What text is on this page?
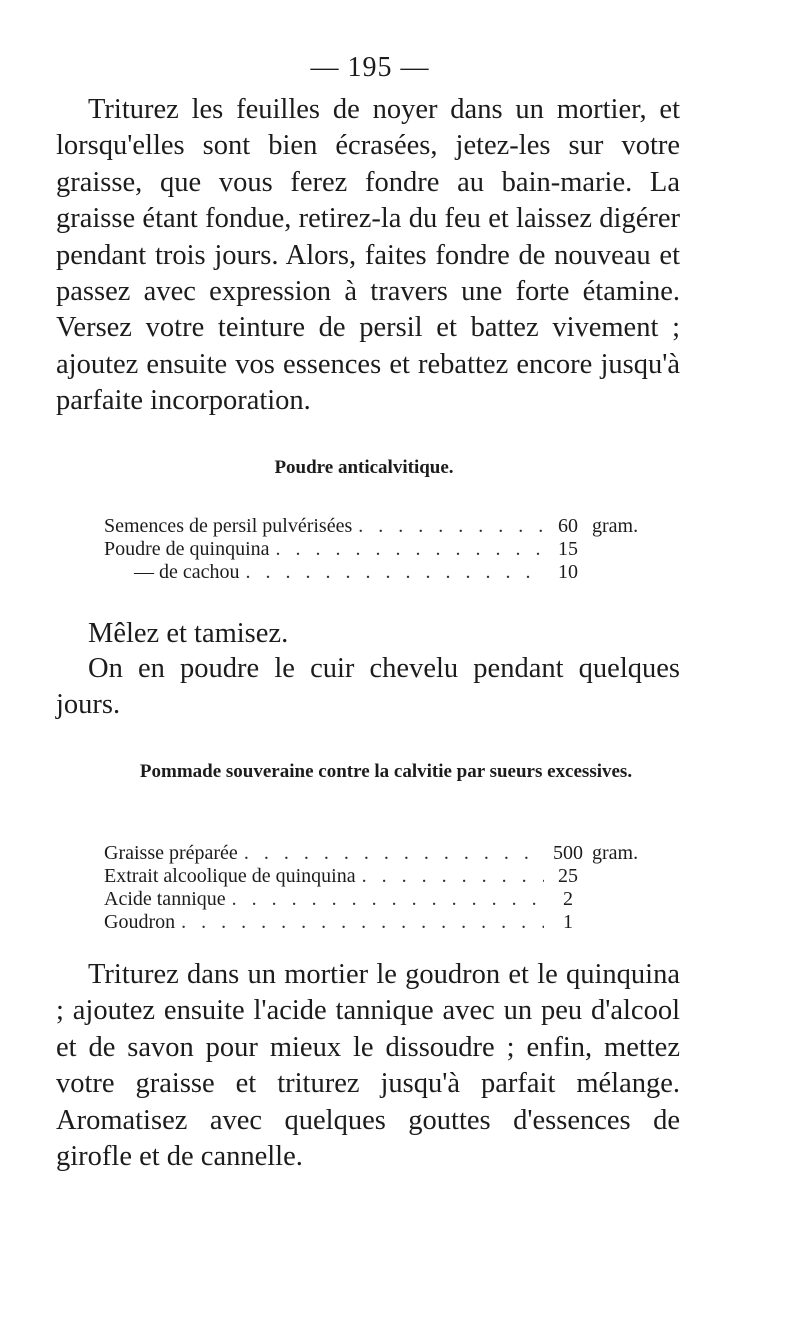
— 195 —

Triturez les feuilles de noyer dans un mortier, et lorsqu'elles sont bien écrasées, jetez-les sur votre graisse, que vous ferez fondre au bain-marie. La graisse étant fondue, retirez-la du feu et laissez digérer pendant trois jours. Alors, faites fondre de nouveau et passez avec expression à travers une forte étamine. Versez votre teinture de persil et battez vivement ; ajoutez ensuite vos essences et rebattez encore jusqu'à parfaite incorporation.

Poudre anticalvitique.
Semences de persil pulvérisées . . .	60 gram.
Poudre de quinquina . . .	15
— de cachou . . .	10

Mêlez et tamisez.

On en poudre le cuir chevelu pendant quelques jours.

Pommade souveraine contre la calvitie par sueurs excessives.
Graisse préparée . . .	500 gram.
Extrait alcoolique de quinquina . . .	25
Acide tannique . . .	2
Goudron . . .	1

Triturez dans un mortier le goudron et le quinquina ; ajoutez ensuite l'acide tannique avec un peu d'alcool et de savon pour mieux le dissoudre ; enfin, mettez votre graisse et triturez jusqu'à parfait mélange. Aromatisez avec quelques gouttes d'essences de girofle et de cannelle.
